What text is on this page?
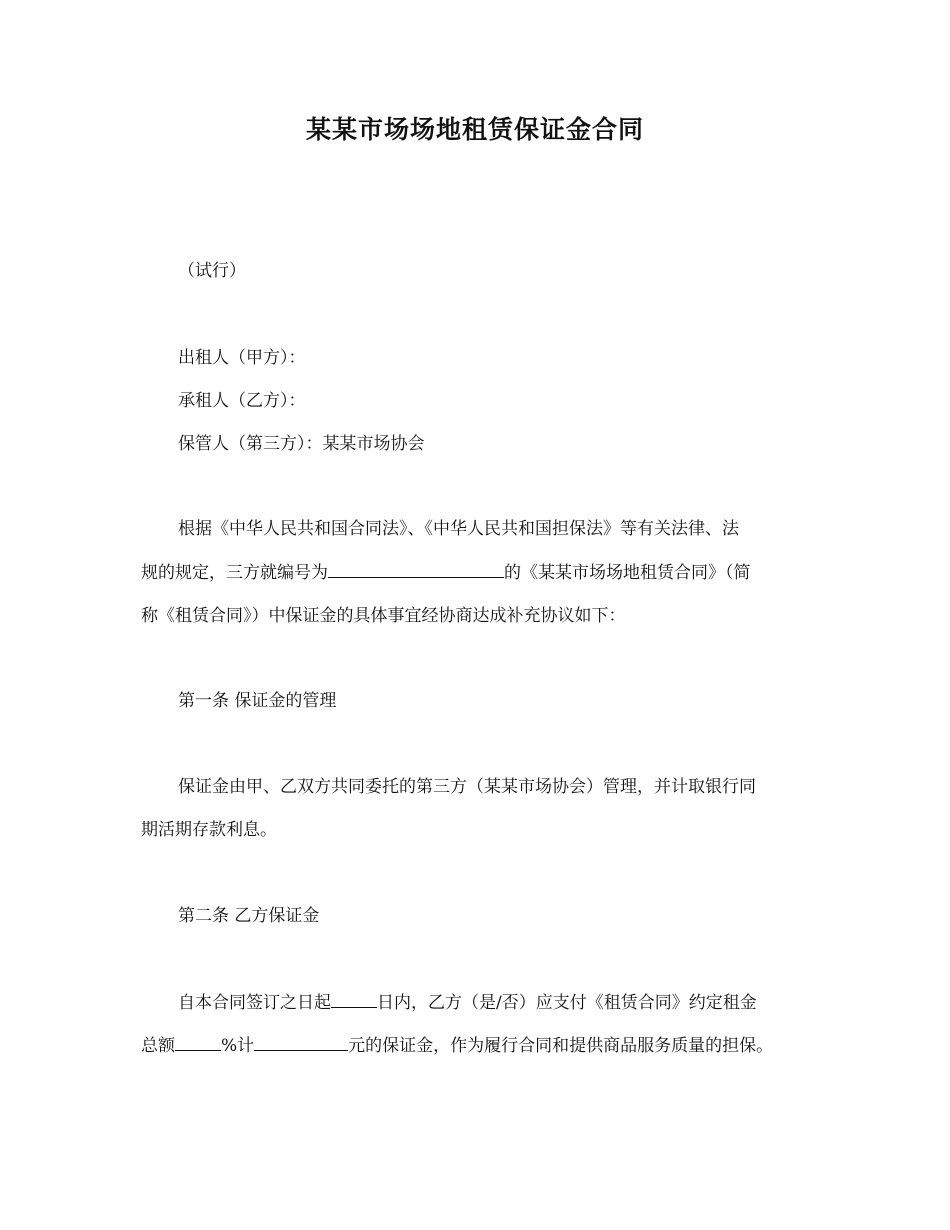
某某市场场地租赁保证金合同
（试行）
出租人（甲方）：
承租人（乙方）：
保管人（第三方）：某某市场协会
根据《中华人民共和国合同法》、《中华人民共和国担保法》等有关法律、法
规的规定，三方就编号为	的《某某市场场地租赁合同》（简
称《租赁合同》）中保证金的具体事宜经协商达成补充协议如下：
第一条 保证金的管理
保证金由甲、乙双方共同委托的第三方（某某市场协会）管理，并计取银行同
期活期存款利息。
第二条 乙方保证金
自本合同签订之日起	日内，乙方（是/否）应支付《租赁合同》约定租金
总额	%计	元的保证金，作为履行合同和提供商品服务质量的担保。
